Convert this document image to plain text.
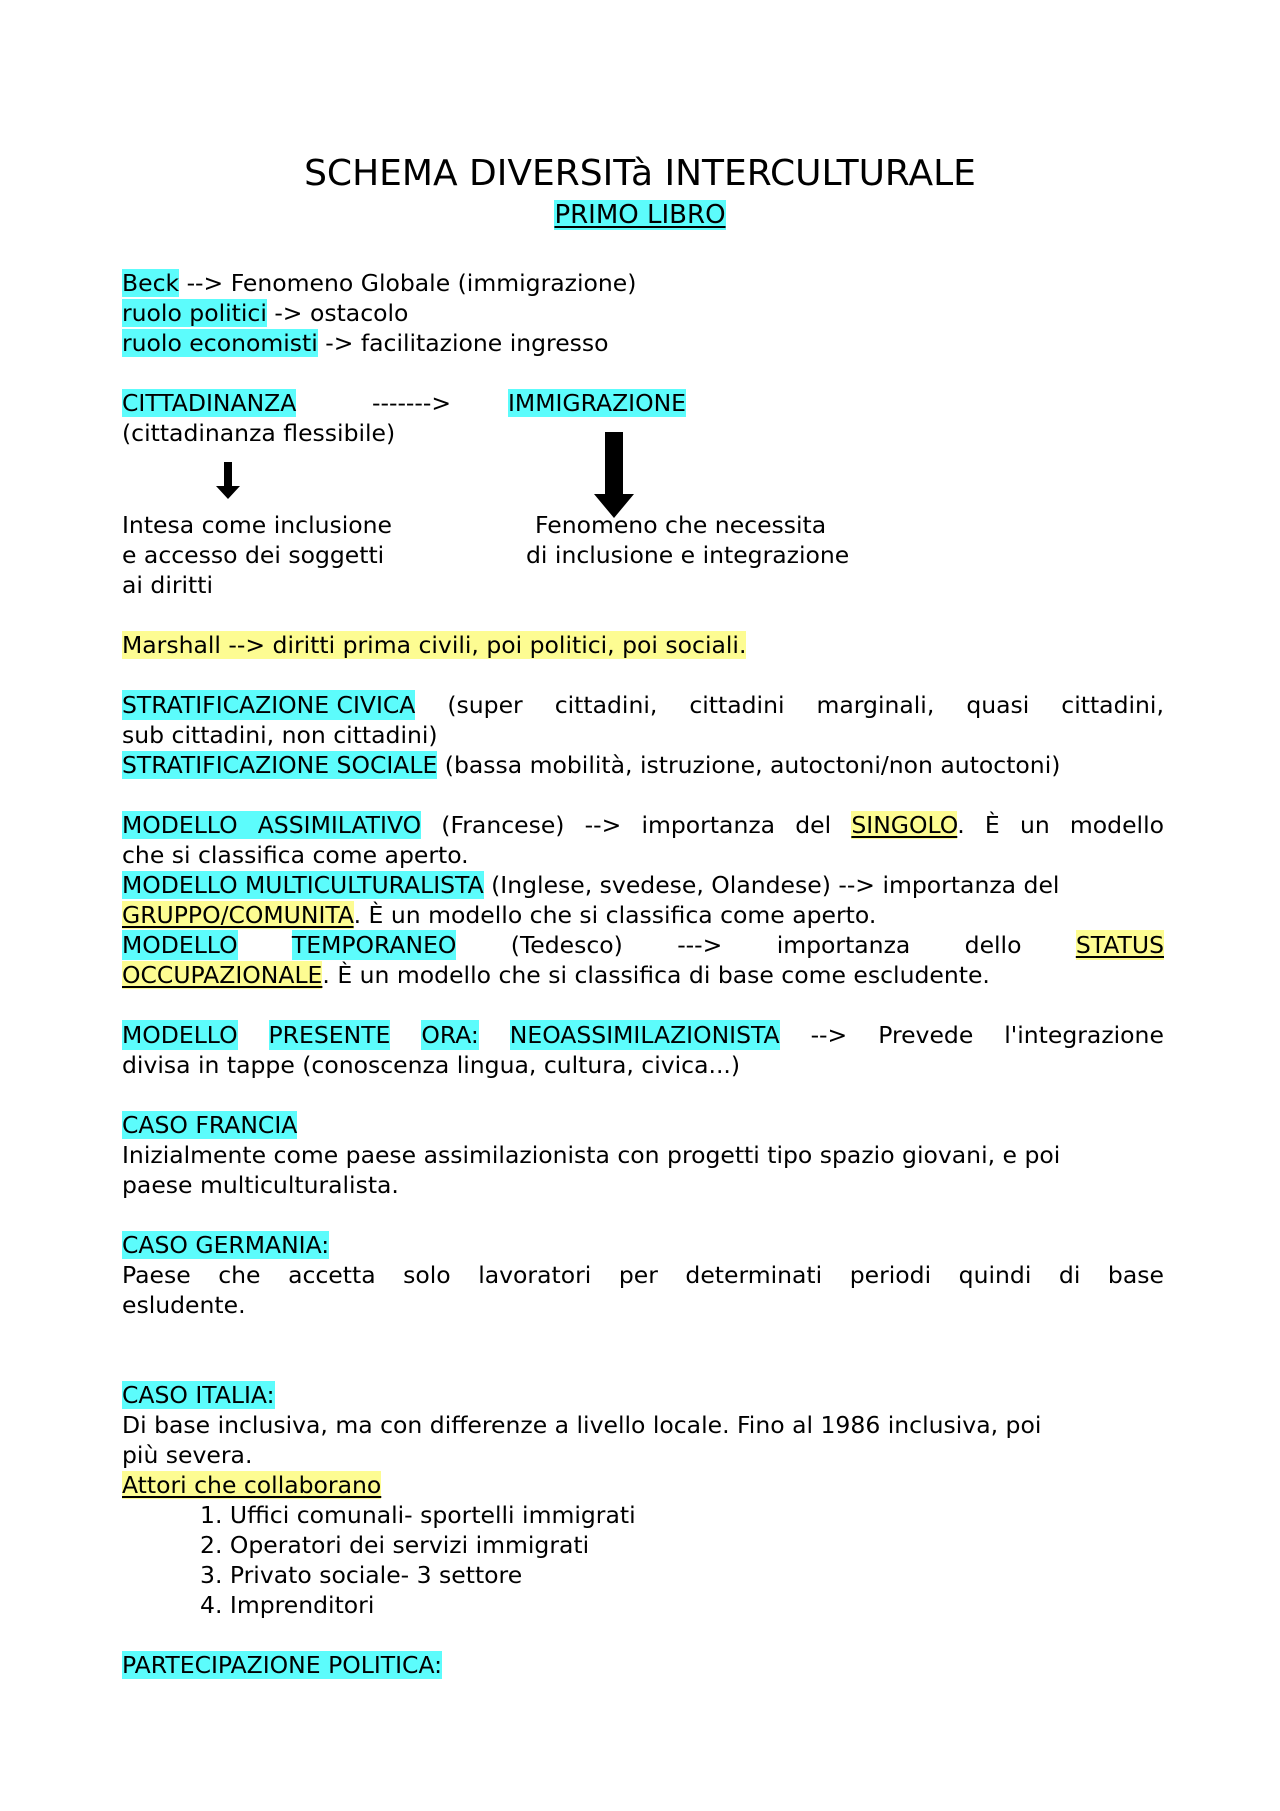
SCHEMA DIVERSITà INTERCULTURALE
PRIMO LIBRO
Beck --> Fenomeno Globale (immigrazione)
ruolo politici -> ostacolo
ruolo economisti -> facilitazione ingresso
CITTADINANZA	-------> IMMIGRAZIONE
(cittadinanza flessibile)
Intesa come inclusione
e accesso dei soggetti
ai diritti
Fenomeno che necessita
di inclusione e integrazione
Marshall --> diritti prima civili, poi politici, poi sociali.
STRATIFICAZIONE CIVICA (super cittadini, cittadini marginali, quasi cittadini,
sub cittadini, non cittadini)
STRATIFICAZIONE SOCIALE (bassa mobilità, istruzione, autoctoni/non autoctoni)
MODELLO ASSIMILATIVO (Francese) --> importanza del SINGOLO. È un modello
che si classifica come aperto.
MODELLO MULTICULTURALISTA (Inglese, svedese, Olandese) --> importanza del
GRUPPO/COMUNITA. È un modello che si classifica come aperto.
MODELLO TEMPORANEO (Tedesco) ---> importanza dello STATUS
OCCUPAZIONALE. È un modello che si classifica di base come escludente.
MODELLO PRESENTE ORA: NEOASSIMILAZIONISTA --> Prevede l'integrazione
divisa in tappe (conoscenza lingua, cultura, civica...)
CASO FRANCIA
Inizialmente come paese assimilazionista con progetti tipo spazio giovani, e poi
paese multiculturalista.
CASO GERMANIA:
Paese che accetta solo lavoratori per determinati periodi quindi di base
esludente.
CASO ITALIA:
Di base inclusiva, ma con differenze a livello locale. Fino al 1986 inclusiva, poi
più severa.
Attori che collaborano
1. Uffici comunali- sportelli immigrati
2. Operatori dei servizi immigrati
3. Privato sociale- 3 settore
4. Imprenditori
PARTECIPAZIONE POLITICA:
